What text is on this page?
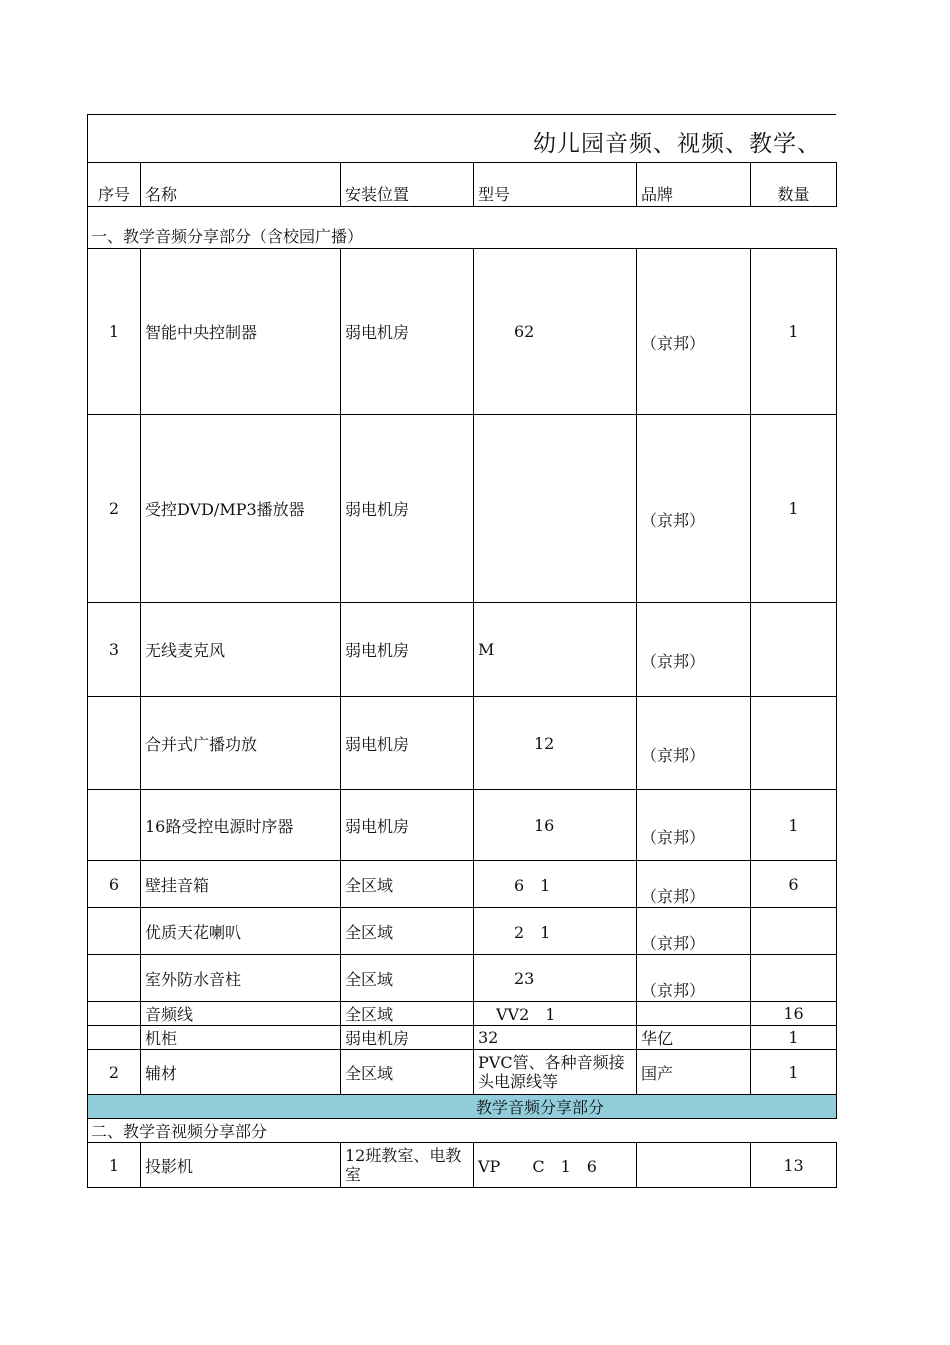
幼儿园音频、视频、教学、
序号	名称	安装位置	型号	品牌	数量
一、教学音频分享部分（含校园广播）					
1	智能中央控制器	弱电机房	62	（京邦）	1
2	受控DVD/MP3播放器	弱电机房		（京邦）	1
3	无线麦克风	弱电机房	M	（京邦）	
	合并式广播功放	弱电机房	12	（京邦）	
	16路受控电源时序器	弱电机房	16	（京邦）	1
6	壁挂音箱	全区域	6　1	（京邦）	6
	优质天花喇叭	全区域	2　1	（京邦）	
	室外防水音柱	全区域	23	（京邦）	
	音频线	全区域	VV2　1		16
	机柜	弱电机房	32	华亿	1
2	辅材	全区域	PVC管、各种音频接头电源线等	国产	1
教学音频分享部分					
二、教学音视频分享部分					
1	投影机	12班教室、电教室	VP　　C　1　6		13
